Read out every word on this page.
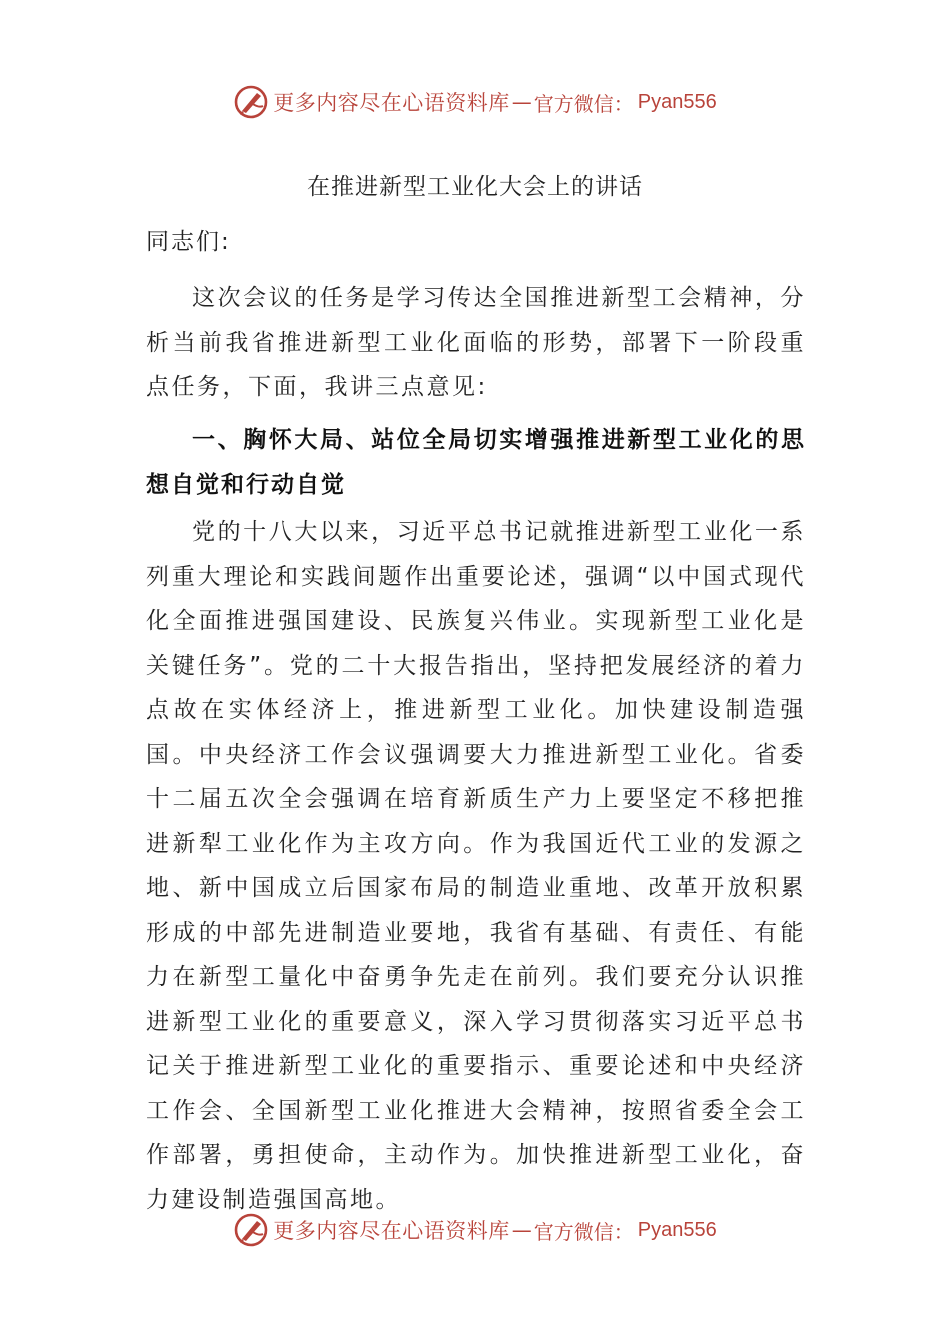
更多内容尽在心语资料库 — 官方微信： Pyan556
在推进新型工业化大会上的讲话
同志们:

这次会议的任务是学习传达全国推进新型工会精神，分析当前我省推进新型工业化面临的形势，部署下一阶段重点任务，下面，我讲三点意见:

一、胸怀大局、站位全局切实增强推进新型工业化的思想自觉和行动自觉

党的十八大以来，习近平总书记就推进新型工业化一系列重大理论和实践间题作出重要论述，强调“以中国式现代化全面推进强国建设、民族复兴伟业。实现新型工业化是关键任务”。党的二十大报告指出，坚持把发展经济的着力点故在实体经济上，推进新型工业化。加快建设制造强国。中央经济工作会议强调要大力推进新型工业化。省委十二届五次全会强调在培育新质生产力上要坚定不移把推进新犁工业化作为主攻方向。作为我国近代工业的发源之地、新中国成立后国家布局的制造业重地、改革开放积累形成的中部先进制造业要地，我省有基础、有责任、有能力在新型工量化中奋勇争先走在前列。我们要充分认识推进新型工业化的重要意义，深入学习贯彻落实习近平总书记关于推进新型工业化的重要指示、重要论述和中央经济工作会、全国新型工业化推进大会精神，按照省委全会工作部署，勇担使命，主动作为。加快推进新型工业化，奋力建设制造强国高地。

更多内容尽在心语资料库 — 官方微信： Pyan556
